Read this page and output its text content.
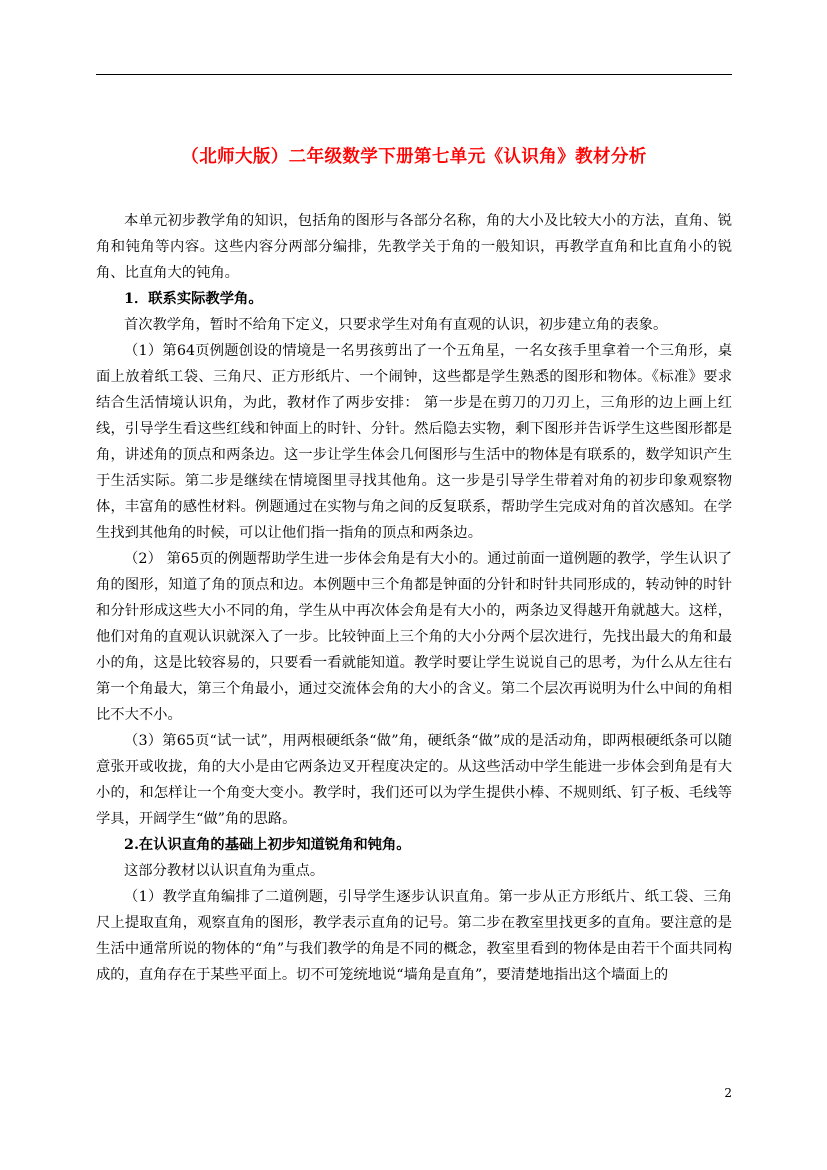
（北师大版）二年级数学下册第七单元《认识角》教材分析

本单元初步教学角的知识，包括角的图形与各部分名称，角的大小及比较大小的方法，直角、锐角和钝角等内容。这些内容分两部分编排，先教学关于角的一般知识，再教学直角和比直角小的锐角、比直角大的钝角。

1．联系实际教学角。

首次教学角，暂时不给角下定义，只要求学生对角有直观的认识，初步建立角的表象。

（1）第64页例题创设的情境是一名男孩剪出了一个五角星，一名女孩手里拿着一个三角形，桌面上放着纸工袋、三角尺、正方形纸片、一个闹钟，这些都是学生熟悉的图形和物体。《标准》要求结合生活情境认识角，为此，教材作了两步安排： 第一步是在剪刀的刀刃上，三角形的边上画上红线，引导学生看这些红线和钟面上的时针、分针。然后隐去实物，剩下图形并告诉学生这些图形都是角，讲述角的顶点和两条边。这一步让学生体会几何图形与生活中的物体是有联系的，数学知识产生于生活实际。第二步是继续在情境图里寻找其他角。这一步是引导学生带着对角的初步印象观察物体，丰富角的感性材料。例题通过在实物与角之间的反复联系，帮助学生完成对角的首次感知。在学生找到其他角的时候，可以让他们指一指角的顶点和两条边。

（2） 第65页的例题帮助学生进一步体会角是有大小的。通过前面一道例题的教学，学生认识了角的图形，知道了角的顶点和边。本例题中三个角都是钟面的分针和时针共同形成的，转动钟的时针和分针形成这些大小不同的角，学生从中再次体会角是有大小的，两条边叉得越开角就越大。这样，他们对角的直观认识就深入了一步。比较钟面上三个角的大小分两个层次进行，先找出最大的角和最小的角，这是比较容易的，只要看一看就能知道。教学时要让学生说说自己的思考，为什么从左往右第一个角最大，第三个角最小，通过交流体会角的大小的含义。第二个层次再说明为什么中间的角相比不大不小。

（3）第65页“试一试”，用两根硬纸条“做”角，硬纸条“做”成的是活动角，即两根硬纸条可以随意张开或收拢，角的大小是由它两条边叉开程度决定的。从这些活动中学生能进一步体会到角是有大小的，和怎样让一个角变大变小。教学时，我们还可以为学生提供小棒、不规则纸、钉子板、毛线等学具，开阔学生“做”角的思路。

2.在认识直角的基础上初步知道锐角和钝角。

这部分教材以认识直角为重点。

（1）教学直角编排了二道例题，引导学生逐步认识直角。第一步从正方形纸片、纸工袋、三角尺上提取直角，观察直角的图形，教学表示直角的记号。第二步在教室里找更多的直角。要注意的是生活中通常所说的物体的“角”与我们教学的角是不同的概念，教室里看到的物体是由若干个面共同构成的，直角存在于某些平面上。切不可笼统地说“墙角是直角”，要清楚地指出这个墙面上的

2
